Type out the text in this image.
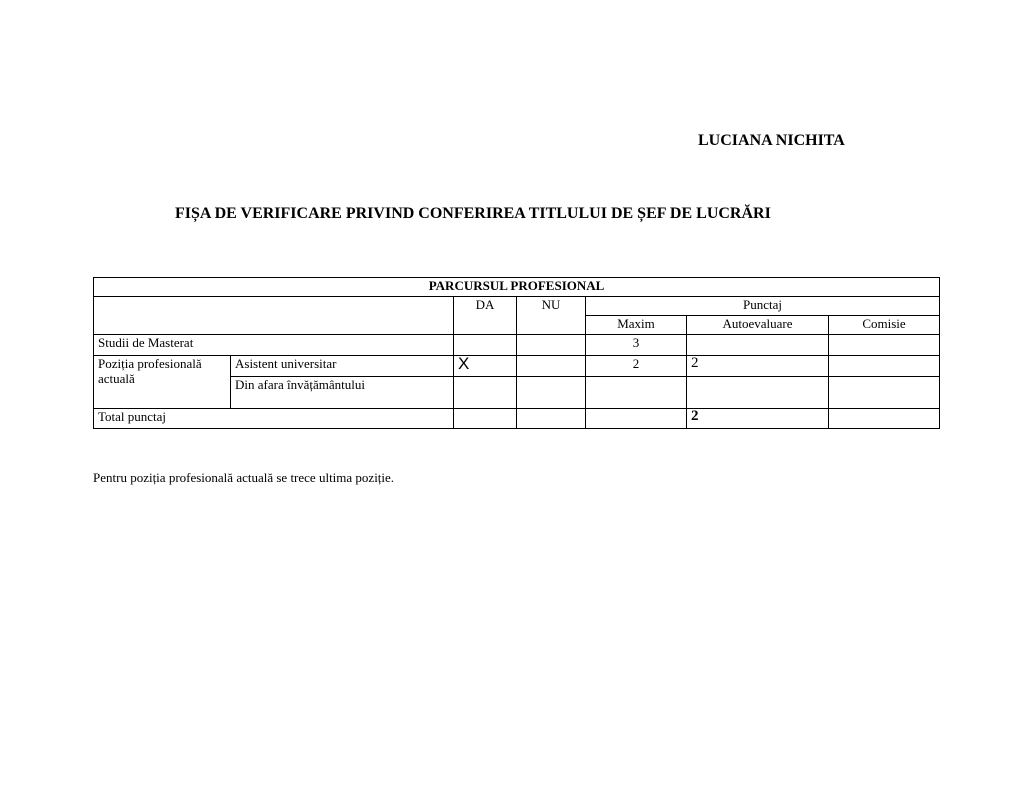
LUCIANA NICHITA
FIȘA DE VERIFICARE PRIVIND CONFERIREA TITLULUI DE ȘEF DE LUCRĂRI
PARCURSUL PROFESIONAL						
		DA	NU	Punctaj		
				Maxim	Autoevaluare	Comisie
Studii de Masterat				3		
Poziția profesională actuală	Asistent universitar	X		2	2	
	Din afara învățământului					
Total punctaj					2	
Pentru poziția profesională actuală se trece ultima poziție.
